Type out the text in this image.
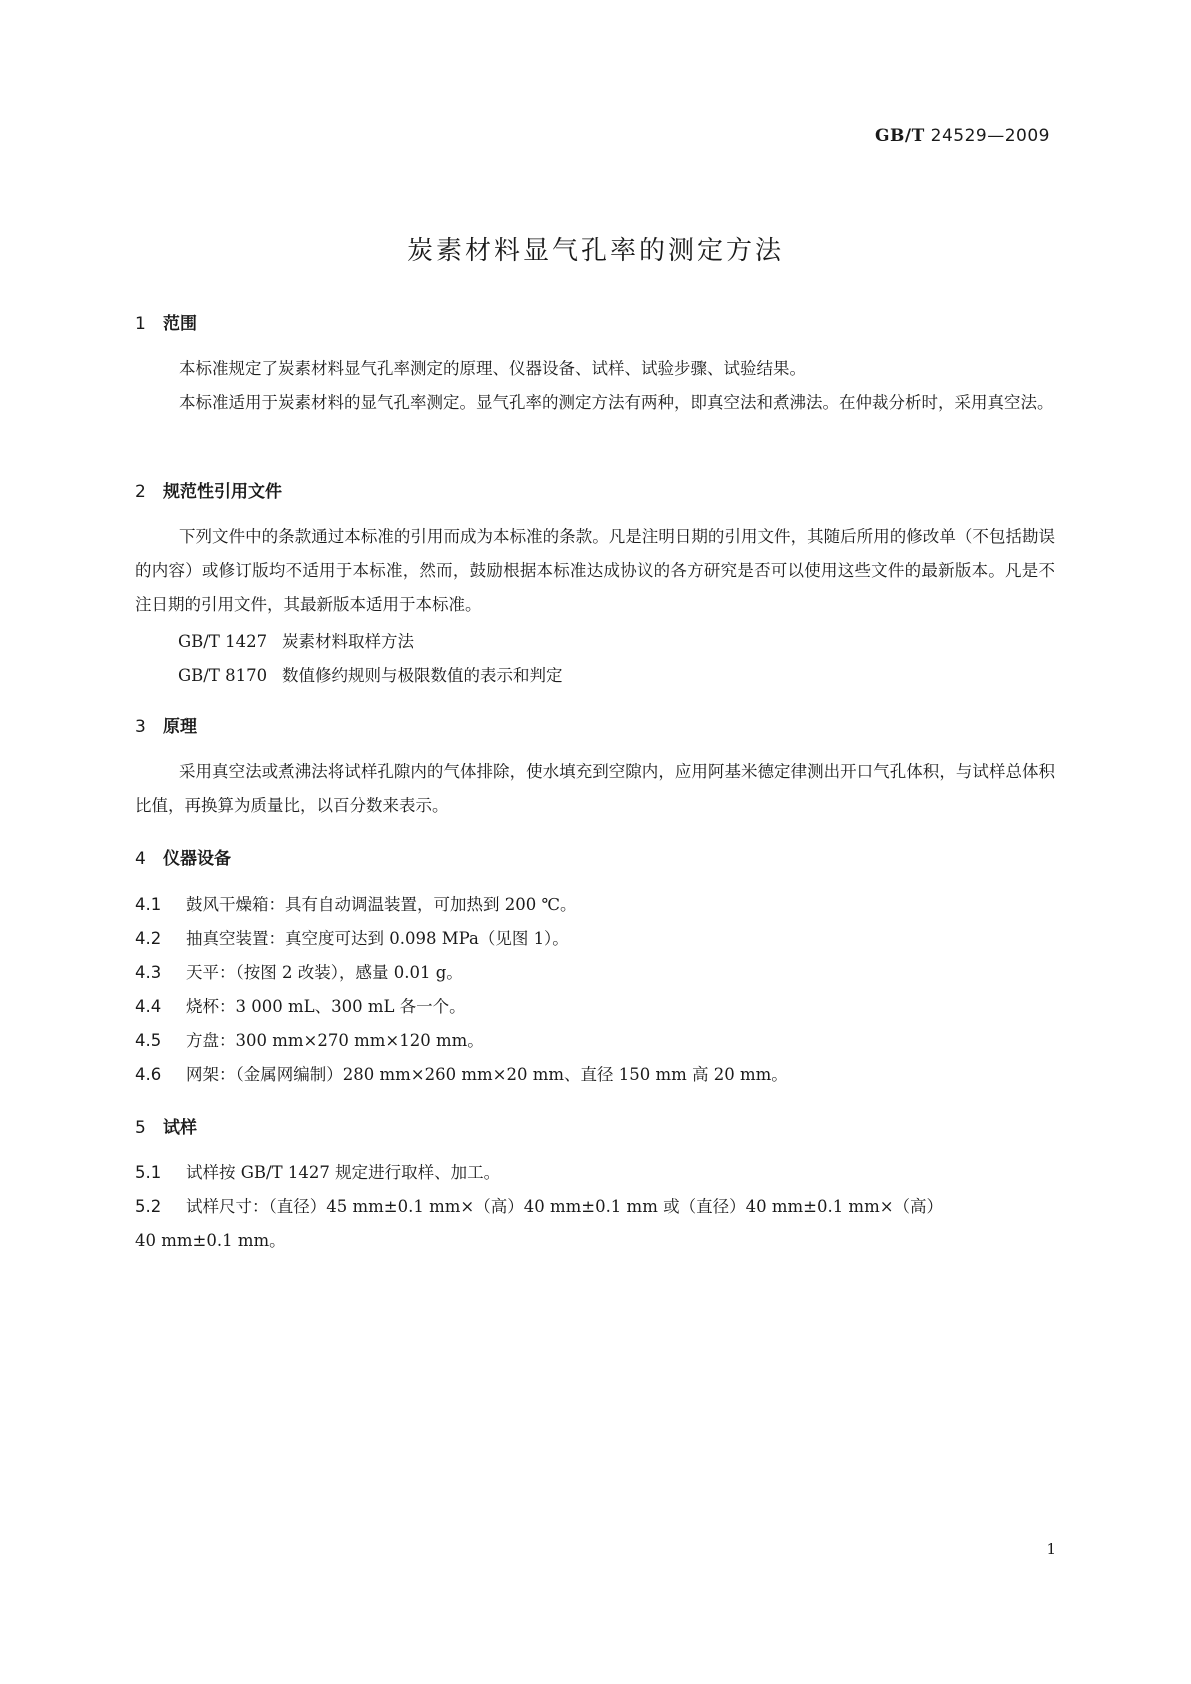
GB/T 24529—2009
炭素材料显气孔率的测定方法
1 范围
本标准规定了炭素材料显气孔率测定的原理、仪器设备、试样、试验步骤、试验结果。
本标准适用于炭素材料的显气孔率测定。显气孔率的测定方法有两种，即真空法和煮沸法。在仲裁分析时，采用真空法。
2 规范性引用文件
下列文件中的条款通过本标准的引用而成为本标准的条款。凡是注明日期的引用文件，其随后所用的修改单（不包括勘误的内容）或修订版均不适用于本标准，然而，鼓励根据本标准达成协议的各方研究是否可以使用这些文件的最新版本。凡是不注日期的引用文件，其最新版本适用于本标准。
GB/T 1427 炭素材料取样方法
GB/T 8170 数值修约规则与极限数值的表示和判定
3 原理
采用真空法或煮沸法将试样孔隙内的气体排除，使水填充到空隙内，应用阿基米德定律测出开口气孔体积，与试样总体积比值，再换算为质量比，以百分数来表示。
4 仪器设备
4.1 鼓风干燥箱：具有自动调温装置，可加热到 200 ℃。
4.2 抽真空装置：真空度可达到 0.098 MPa（见图 1）。
4.3 天平：（按图 2 改装），感量 0.01 g。
4.4 烧杯：3 000 mL、300 mL 各一个。
4.5 方盘：300 mm×270 mm×120 mm。
4.6 网架：（金属网编制）280 mm×260 mm×20 mm、直径 150 mm 高 20 mm。
5 试样
5.1 试样按 GB/T 1427 规定进行取样、加工。
5.2 试样尺寸：（直径）45 mm±0.1 mm×（高）40 mm±0.1 mm 或（直径）40 mm±0.1 mm×（高）
40 mm±0.1 mm。
1
